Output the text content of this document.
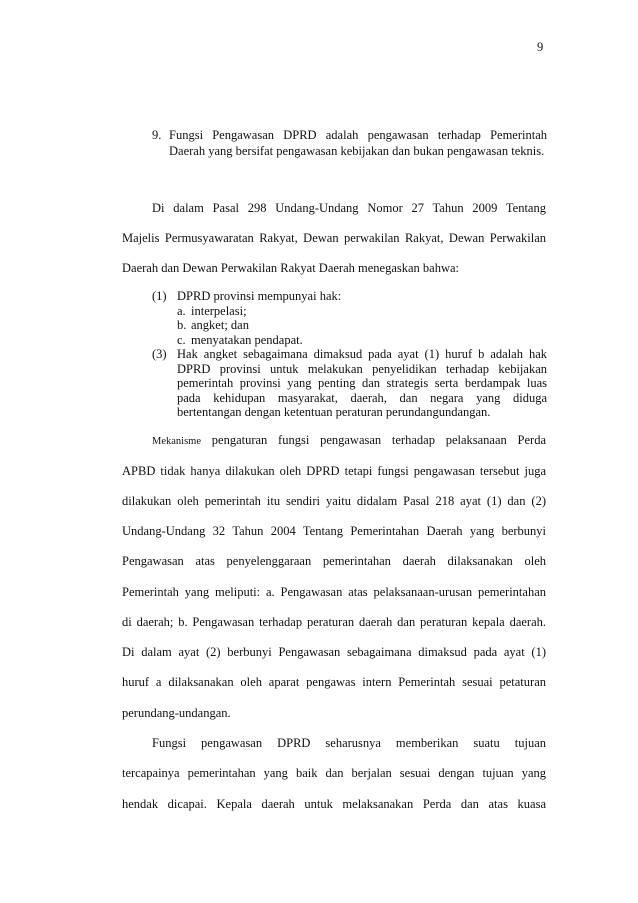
9
9. Fungsi Pengawasan DPRD adalah pengawasan terhadap Pemerintah Daerah yang bersifat pengawasan kebijakan dan bukan pengawasan teknis.
Di dalam Pasal 298 Undang-Undang Nomor 27 Tahun 2009 Tentang
Majelis Permusyawaratan Rakyat, Dewan perwakilan Rakyat, Dewan Perwakilan
Daerah dan Dewan Perwakilan Rakyat Daerah menegaskan bahwa:
(1) DPRD provinsi mempunyai hak:
a. interpelasi;
b. angket; dan
c. menyatakan pendapat.
(3) Hak angket sebagaimana dimaksud pada ayat (1) huruf b adalah hak
DPRD provinsi untuk melakukan penyelidikan terhadap kebijakan
pemerintah provinsi yang penting dan strategis serta berdampak luas
pada kehidupan masyarakat, daerah, dan negara yang diduga
bertentangan dengan ketentuan peraturan perundangundangan.
Mekanisme pengaturan fungsi pengawasan terhadap pelaksanaan Perda
APBD tidak hanya dilakukan oleh DPRD tetapi fungsi pengawasan tersebut juga
dilakukan oleh pemerintah itu sendiri yaitu didalam Pasal 218 ayat (1) dan (2)
Undang-Undang 32 Tahun 2004 Tentang Pemerintahan Daerah yang berbunyi
Pengawasan atas penyelenggaraan pemerintahan daerah dilaksanakan oleh
Pemerintah yang meliputi: a. Pengawasan atas pelaksanaan-urusan pemerintahan
di daerah; b. Pengawasan terhadap peraturan daerah dan peraturan kepala daerah.
Di dalam ayat (2) berbunyi Pengawasan sebagaimana dimaksud pada ayat (1)
huruf a dilaksanakan oleh aparat pengawas intern Pemerintah sesuai petaturan
perundang-undangan.
Fungsi pengawasan DPRD seharusnya memberikan suatu tujuan
tercapainya pemerintahan yang baik dan berjalan sesuai dengan tujuan yang
hendak dicapai. Kepala daerah untuk melaksanakan Perda dan atas kuasa
